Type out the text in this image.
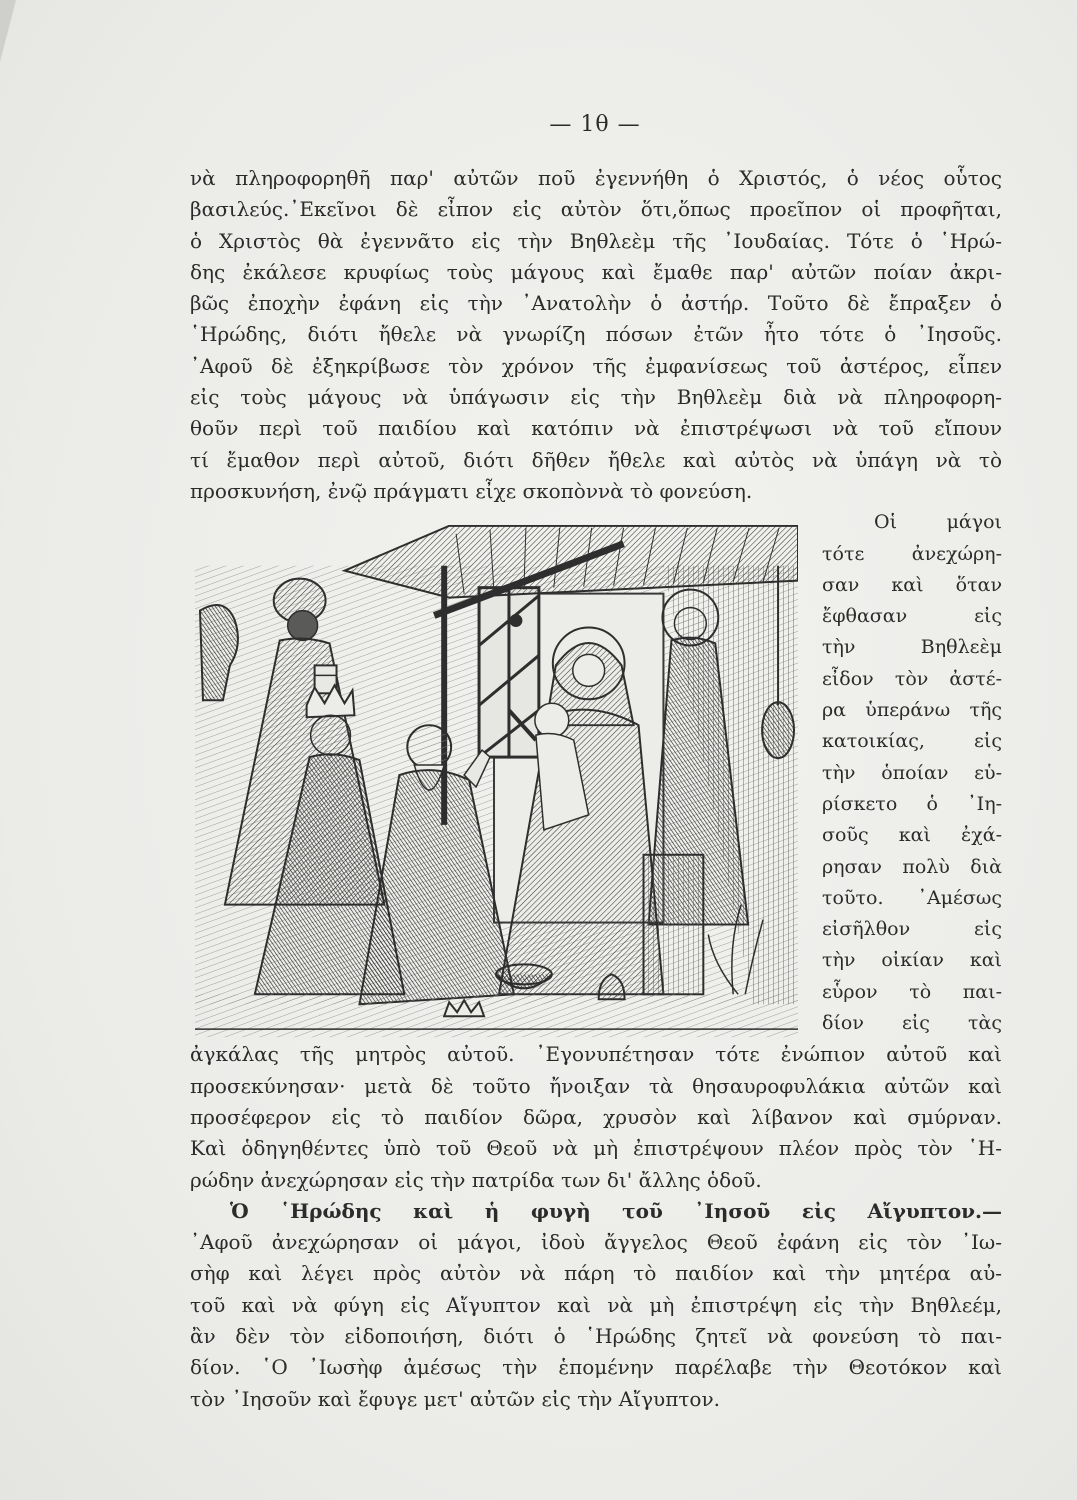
— 1θ —
νὰ πληροφορηθῆ παρ' αὐτῶν ποῦ ἐγεννήθη ὁ Χριστός, ὁ νέος οὗτος
βασιλεύς.᾿Εκεῖνοι δὲ εἶπον εἰς αὐτὸν ὅτι,ὅπως προεῖπον οἱ προφῆται,
ὁ Χριστὸς θὰ ἐγεννᾶτο εἰς τὴν Βηθλεὲμ τῆς ᾿Ιουδαίας. Τότε ὁ ῾Ηρώ-
δης ἐκάλεσε κρυφίως τοὺς μάγους καὶ ἔμαθε παρ' αὐτῶν ποίαν ἀκρι-
βῶς ἐποχὴν ἐφάνη εἰς τὴν ᾿Ανατολὴν ὁ ἀστήρ. Τοῦτο δὲ ἔπραξεν ὁ
῾Ηρώδης, διότι ἤθελε νὰ γνωρίζη πόσων ἐτῶν ἦτο τότε ὁ ᾿Ιησοῦς.
᾿Αφοῦ δὲ ἐξηκρίβωσε τὸν χρόνον τῆς ἐμφανίσεως τοῦ ἀστέρος, εἶπεν
εἰς τοὺς μάγους νὰ ὑπάγωσιν εἰς τὴν Βηθλεὲμ διὰ νὰ πληροφορη-
θοῦν περὶ τοῦ παιδίου καὶ κατόπιν νὰ ἐπιστρέψωσι νὰ τοῦ εἴπουν
τί ἔμαθον περὶ αὐτοῦ, διότι δῆθεν ἤθελε καὶ αὐτὸς νὰ ὑπάγη νὰ τὸ
προσκυνήση, ἐνῷ πράγματι εἶχε σκοπὸννὰ τὸ φονεύση.
Οἱ μάγοι
τότε ἀνεχώρη-
σαν καὶ ὅταν
ἔφθασαν εἰς
τὴν Βηθλεὲμ
εἶδον τὸν ἀστέ-
ρα ὑπεράνω τῆς
κατοικίας, εἰς
τὴν ὁποίαν εὑ-
ρίσκετο ὁ ᾿Ιη-
σοῦς καὶ ἐχά-
ρησαν πολὺ διὰ
τοῦτο. ᾿Αμέσως
εἰσῆλθον εἰς
τὴν οἰκίαν καὶ
εὗρον τὸ παι-
δίον εἰς τὰς
ἀγκάλας τῆς μητρὸς αὐτοῦ. ᾿Εγονυπέτησαν τότε ἐνώπιον αὐτοῦ καὶ
προσεκύνησαν· μετὰ δὲ τοῦτο ἤνοιξαν τὰ θησαυροφυλάκια αὐτῶν καὶ
προσέφερον εἰς τὸ παιδίον δῶρα, χρυσὸν καὶ λίβανον καὶ σμύρναν.
Καὶ ὁδηγηθέντες ὑπὸ τοῦ Θεοῦ νὰ μὴ ἐπιστρέψουν πλέον πρὸς τὸν ῾Η-
ρώδην ἀνεχώρησαν εἰς τὴν πατρίδα των δι' ἄλλης ὁδοῦ.
Ὁ ῾Ηρώδης καὶ ἡ φυγὴ τοῦ ᾿Ιησοῦ εἰς Αἴγυπτον.—
᾿Αφοῦ ἀνεχώρησαν οἱ μάγοι, ἰδοὺ ἄγγελος Θεοῦ ἐφάνη εἰς τὸν ᾿Ιω-
σὴφ καὶ λέγει πρὸς αὐτὸν νὰ πάρη τὸ παιδίον καὶ τὴν μητέρα αὐ-
τοῦ καὶ νὰ φύγη εἰς Αἴγυπτον καὶ νὰ μὴ ἐπιστρέψη εἰς τὴν Βηθλεέμ,
ἂν δὲν τὸν εἰδοποιήση, διότι ὁ ῾Ηρώδης ζητεῖ νὰ φονεύση τὸ παι-
δίον. ῾Ο ᾿Ιωσὴφ ἀμέσως τὴν ἑπομένην παρέλαβε τὴν Θεοτόκον καὶ
τὸν ᾿Ιησοῦν καὶ ἔφυγε μετ' αὐτῶν εἰς τὴν Αἴγυπτον.
